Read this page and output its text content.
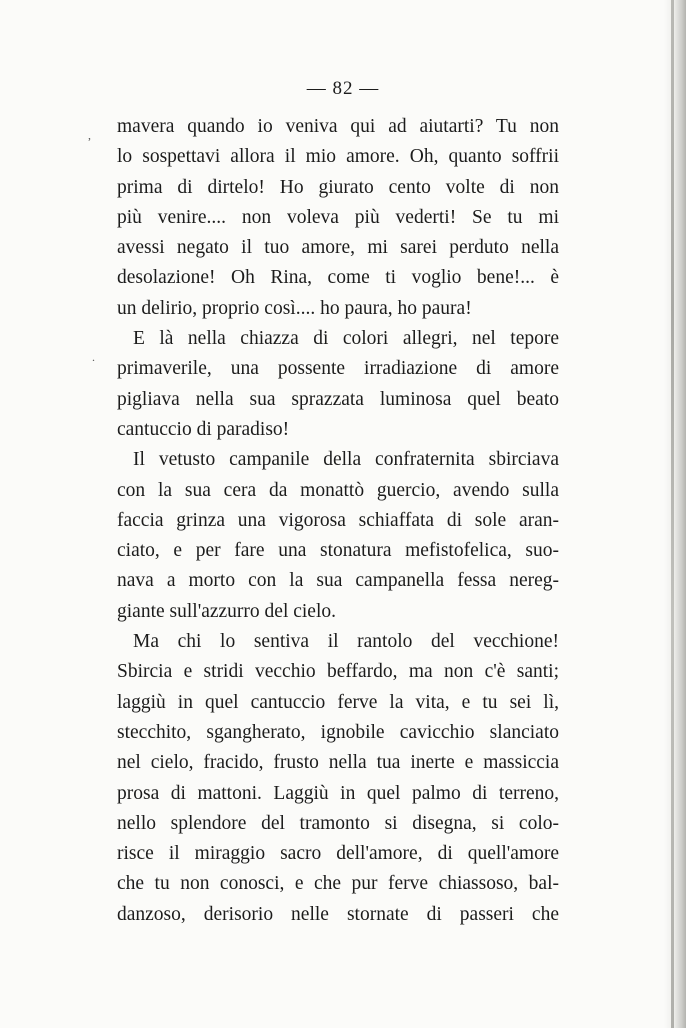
,
.
— 82 —
mavera quando io veniva qui ad aiutarti? Tu non
lo sospettavi allora il mio amore. Oh, quanto soffrii
prima di dirtelo! Ho giurato cento volte di non
più venire.... non voleva più vederti! Se tu mi
avessi negato il tuo amore, mi sarei perduto nella
desolazione! Oh Rina, come ti voglio bene!... è
un delirio, proprio così.... ho paura, ho paura!
E là nella chiazza di colori allegri, nel tepore
primaverile, una possente irradiazione di amore
pigliava nella sua sprazzata luminosa quel beato
cantuccio di paradiso!
Il vetusto campanile della confraternita sbirciava
con la sua cera da monattò guercio, avendo sulla
faccia grinza una vigorosa schiaffata di sole aran-
ciato, e per fare una stonatura mefistofelica, suo-
nava a morto con la sua campanella fessa nereg-
giante sull'azzurro del cielo.
Ma chi lo sentiva il rantolo del vecchione!
Sbircia e stridi vecchio beffardo, ma non c'è santi;
laggiù in quel cantuccio ferve la vita, e tu sei lì,
stecchito, sgangherato, ignobile cavicchio slanciato
nel cielo, fracido, frusto nella tua inerte e massiccia
prosa di mattoni. Laggiù in quel palmo di terreno,
nello splendore del tramonto si disegna, si colo-
risce il miraggio sacro dell'amore, di quell'amore
che tu non conosci, e che pur ferve chiassoso, bal-
danzoso, derisorio nelle stornate di passeri che
